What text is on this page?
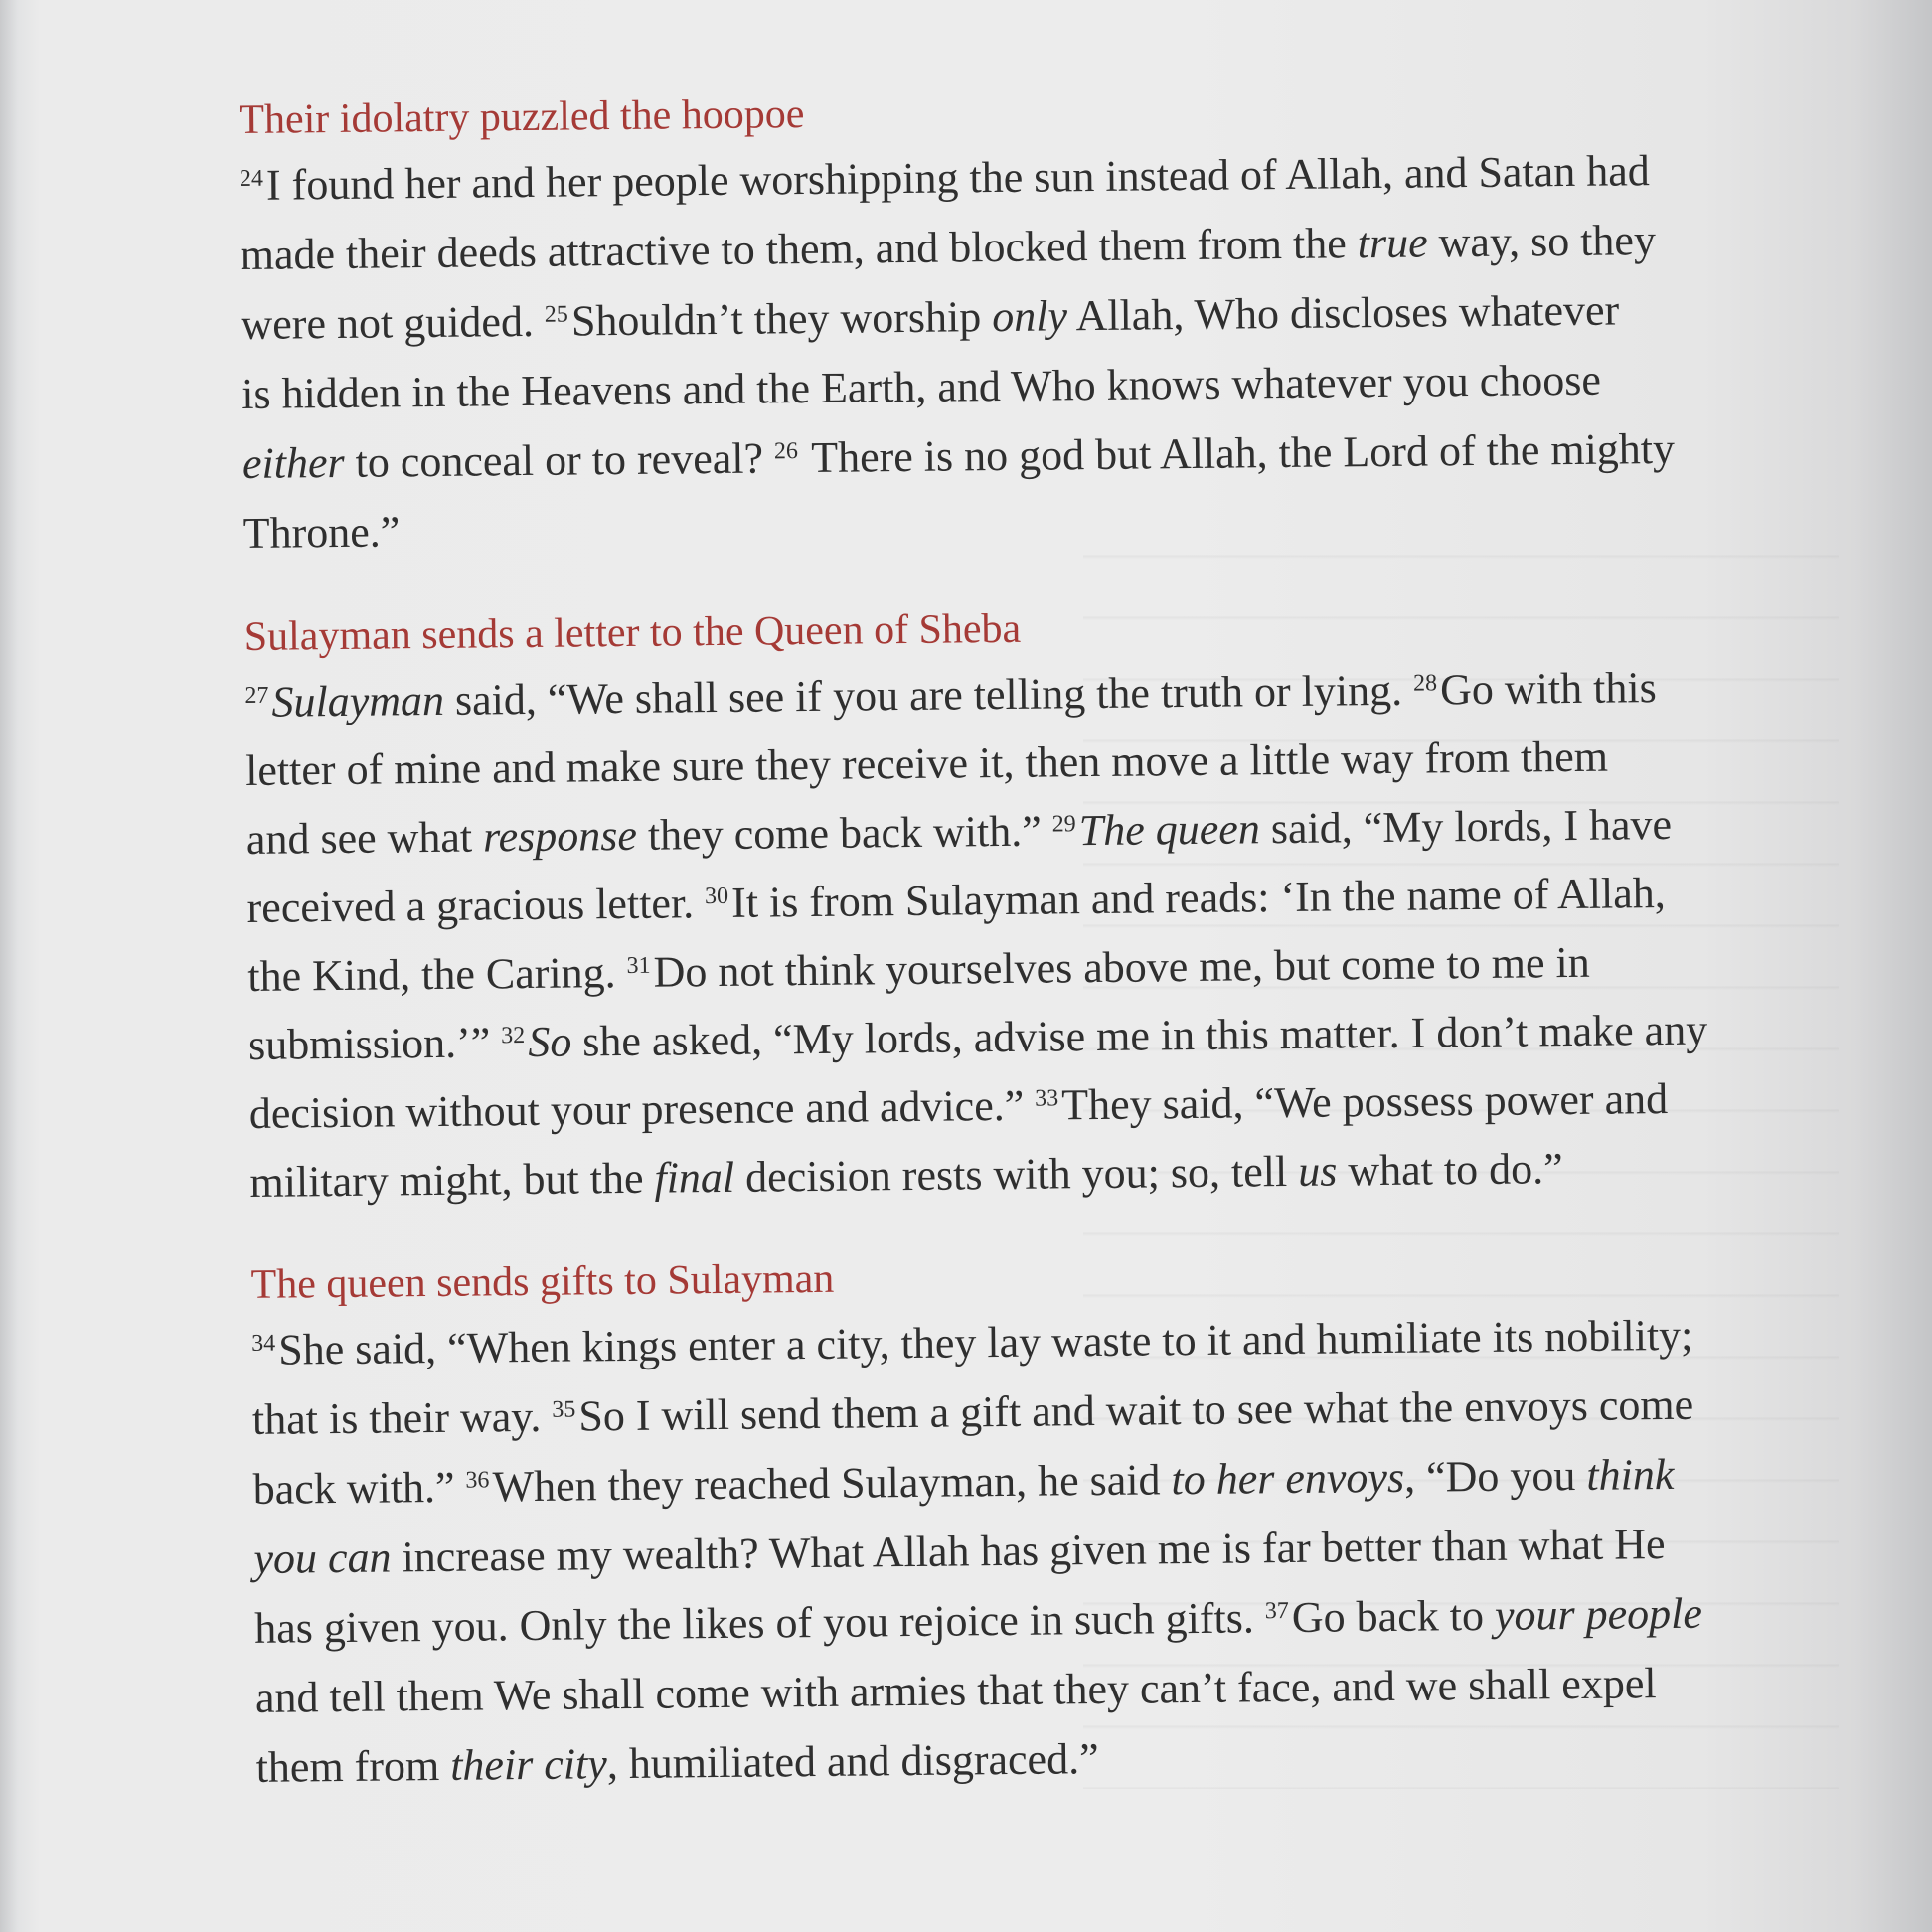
Their idolatry puzzled the hoopoe
$^{24}$I found her and her people worshipping the sun instead of Allah, and Satan had
made their deeds attractive to them, and blocked them from the true way, so they
were not guided. $^{25}$Shouldn’t they worship only Allah, Who discloses whatever
is hidden in the Heavens and the Earth, and Who knows whatever you choose
either to conceal or to reveal? $^{26}$ There is no god but Allah, the Lord of the mighty
Throne.”
Sulayman sends a letter to the Queen of Sheba
$^{27}$Sulayman said, “We shall see if you are telling the truth or lying. $^{28}$Go with this
letter of mine and make sure they receive it, then move a little way from them
and see what response they come back with.” $^{29}$The queen said, “My lords, I have
received a gracious letter. $^{30}$It is from Sulayman and reads: ‘In the name of Allah,
the Kind, the Caring. $^{31}$Do not think yourselves above me, but come to me in
submission.’” $^{32}$So she asked, “My lords, advise me in this matter. I don’t make any
decision without your presence and advice.” $^{33}$They said, “We possess power and
military might, but the final decision rests with you; so, tell us what to do.”
The queen sends gifts to Sulayman
$^{34}$She said, “When kings enter a city, they lay waste to it and humiliate its nobility;
that is their way. $^{35}$So I will send them a gift and wait to see what the envoys come
back with.” $^{36}$When they reached Sulayman, he said to her envoys, “Do you think
you can increase my wealth? What Allah has given me is far better than what He
has given you. Only the likes of you rejoice in such gifts. $^{37}$Go back to your people
and tell them We shall come with armies that they can’t face, and we shall expel
them from their city, humiliated and disgraced.”
